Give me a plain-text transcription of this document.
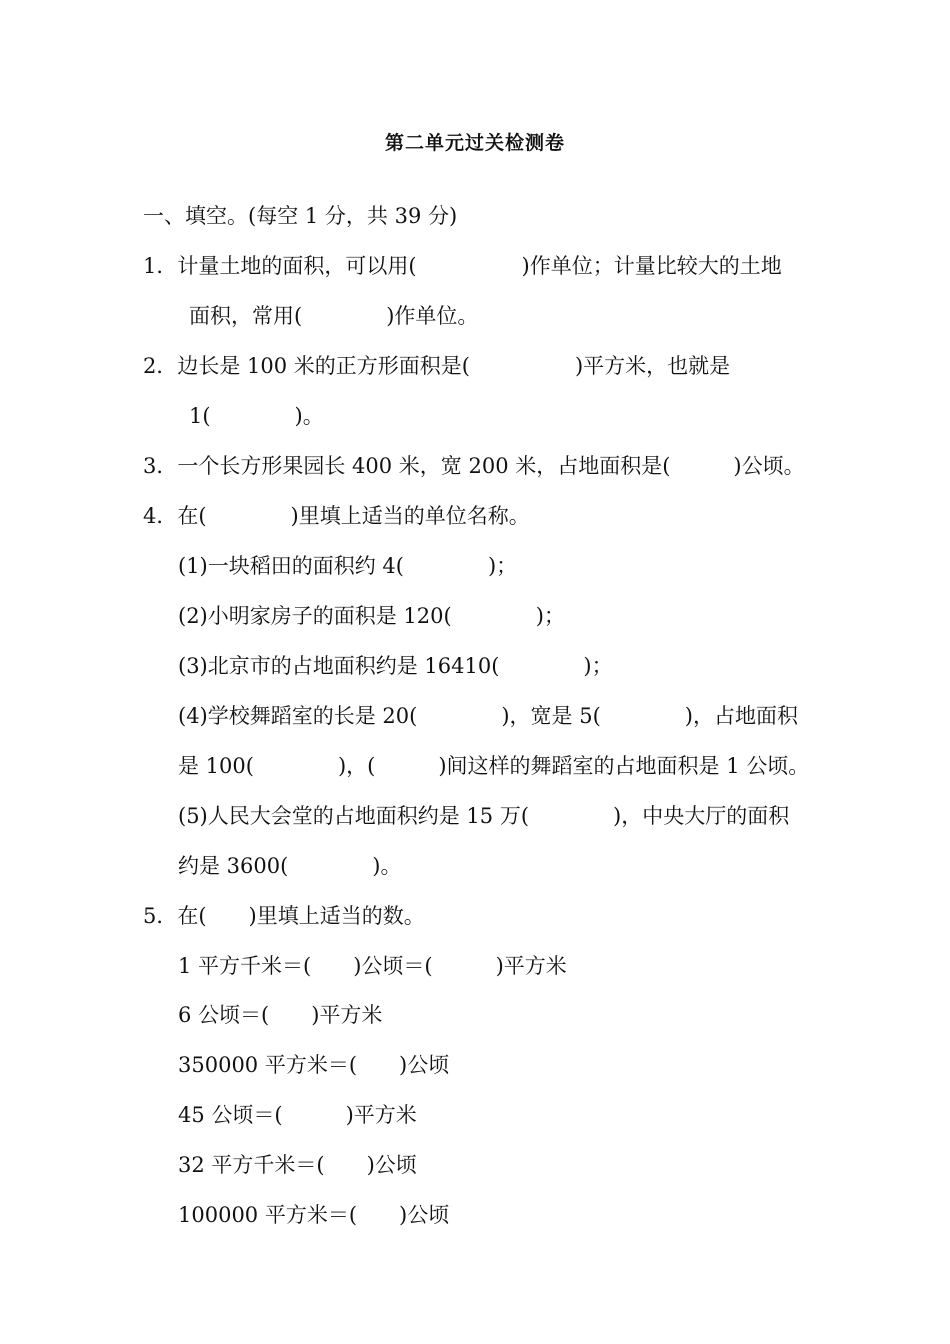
第二单元过关检测卷
一、填空。(每空 1 分，共 39 分)
1．计量土地的面积，可以用(　　　　　)作单位；计量比较大的土地
面积，常用(　　　　)作单位。
2．边长是 100 米的正方形面积是(　　　　　)平方米，也就是
1(　　　　)。
3．一个长方形果园长 400 米，宽 200 米，占地面积是(　　　)公顷。
4．在(　　　　)里填上适当的单位名称。
(1)一块稻田的面积约 4(　　　　)；
(2)小明家房子的面积是 120(　　　　)；
(3)北京市的占地面积约是 16410(　　　　)；
(4)学校舞蹈室的长是 20(　　　　)，宽是 5(　　　　)，占地面积
是 100(　　　　)，(　　　)间这样的舞蹈室的占地面积是 1 公顷。
(5)人民大会堂的占地面积约是 15 万(　　　　)，中央大厅的面积
约是 3600(　　　　)。
5．在(　　)里填上适当的数。
1 平方千米＝(　　)公顷＝(　　　)平方米
6 公顷＝(　　)平方米
350000 平方米＝(　　)公顷
45 公顷＝(　　　)平方米
32 平方千米＝(　　)公顷
100000 平方米＝(　　)公顷
